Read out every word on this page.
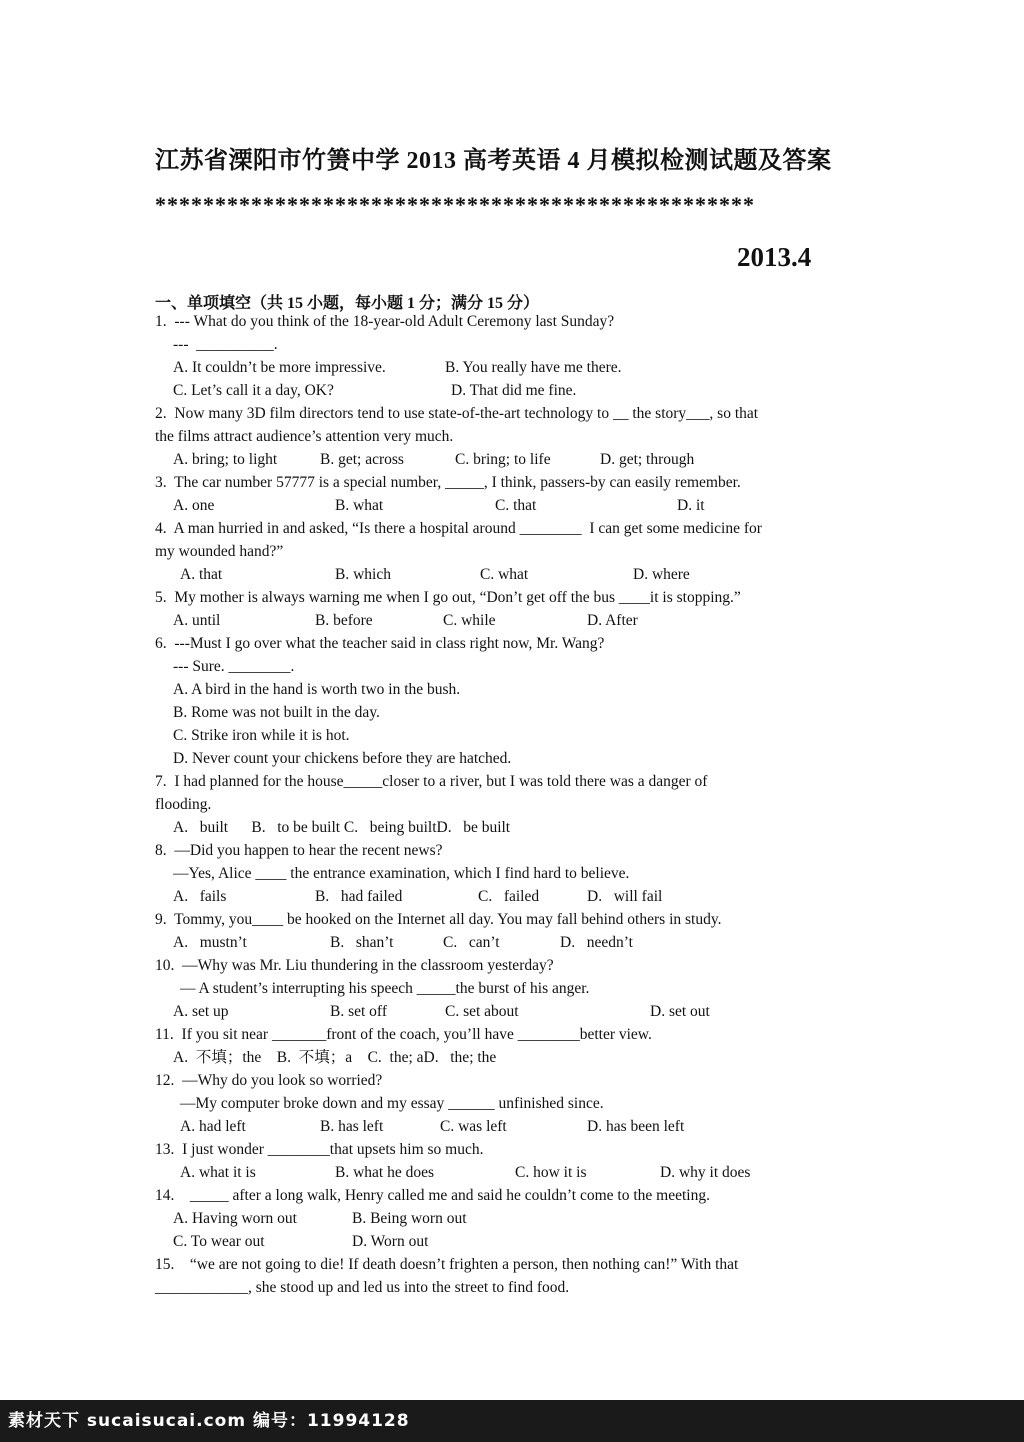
江苏省溧阳市竹箦中学 2013 高考英语 4 月模拟检测试题及答案
**************************************************
2013.4
一、单项填空（共 15 小题，每小题 1 分；满分 15 分）
1.  --- What do you think of the 18-year-old Adult Ceremony last Sunday?
---  __________.
A. It couldn’t be more impressive.	B. You really have me there.
C. Let’s call it a day, OK?	D. That did me fine.
2.  Now many 3D film directors tend to use state-of-the-art technology to __ the story___, so that
the films attract audience’s attention very much.
A. bring; to light	B. get; across	C. bring; to life	D. get; through
3.  The car number 57777 is a special number, _____, I think, passers-by can easily remember.
A. one	B. what	C. that	D. it
4.  A man hurried in and asked, “Is there a hospital around ________  I can get some medicine for
my wounded hand?”
A. that	B. which	C. what	D. where
5.  My mother is always warning me when I go out, “Don’t get off the bus ____it is stopping.”
A. until	B. before	C. while	D. After
6.  ---Must I go over what the teacher said in class right now, Mr. Wang?
--- Sure. ________.
A. A bird in the hand is worth two in the bush.
B. Rome was not built in the day.
C. Strike iron while it is hot.
D. Never count your chickens before they are hatched.
7.  I had planned for the house_____closer to a river, but I was told there was a danger of
flooding.
A.   built      B.   to be built C.   being builtD.   be built
8.  —Did you happen to hear the recent news?
—Yes, Alice ____ the entrance examination, which I find hard to believe.
A.   fails	B.   had failed	C.   failed	D.   will fail
9.  Tommy, you____ be hooked on the Internet all day. You may fall behind others in study.
A.   mustn’t	B.   shan’t	C.   can’t	D.   needn’t
10.  —Why was Mr. Liu thundering in the classroom yesterday?
— A student’s interrupting his speech _____the burst of his anger.
A. set up	B. set off	C. set about	D. set out
11.  If you sit near _______front of the coach, you’ll have ________better view.
A.  不填；the    B.  不填；a    C.  the; aD.   the; the
12.  —Why do you look so worried?
—My computer broke down and my essay ______ unfinished since.
A. had left	B. has left	C. was left	D. has been left
13.  I just wonder ________that upsets him so much.
A. what it is	B. what he does	C. how it is	D. why it does
14.    _____ after a long walk, Henry called me and said he couldn’t come to the meeting.
A. Having worn out	B. Being worn out
C. To wear out	D. Worn out
15.    “we are not going to die! If death doesn’t frighten a person, then nothing can!” With that
____________, she stood up and led us into the street to find food.
素材天下 sucaisucai.com 编号：11994128
